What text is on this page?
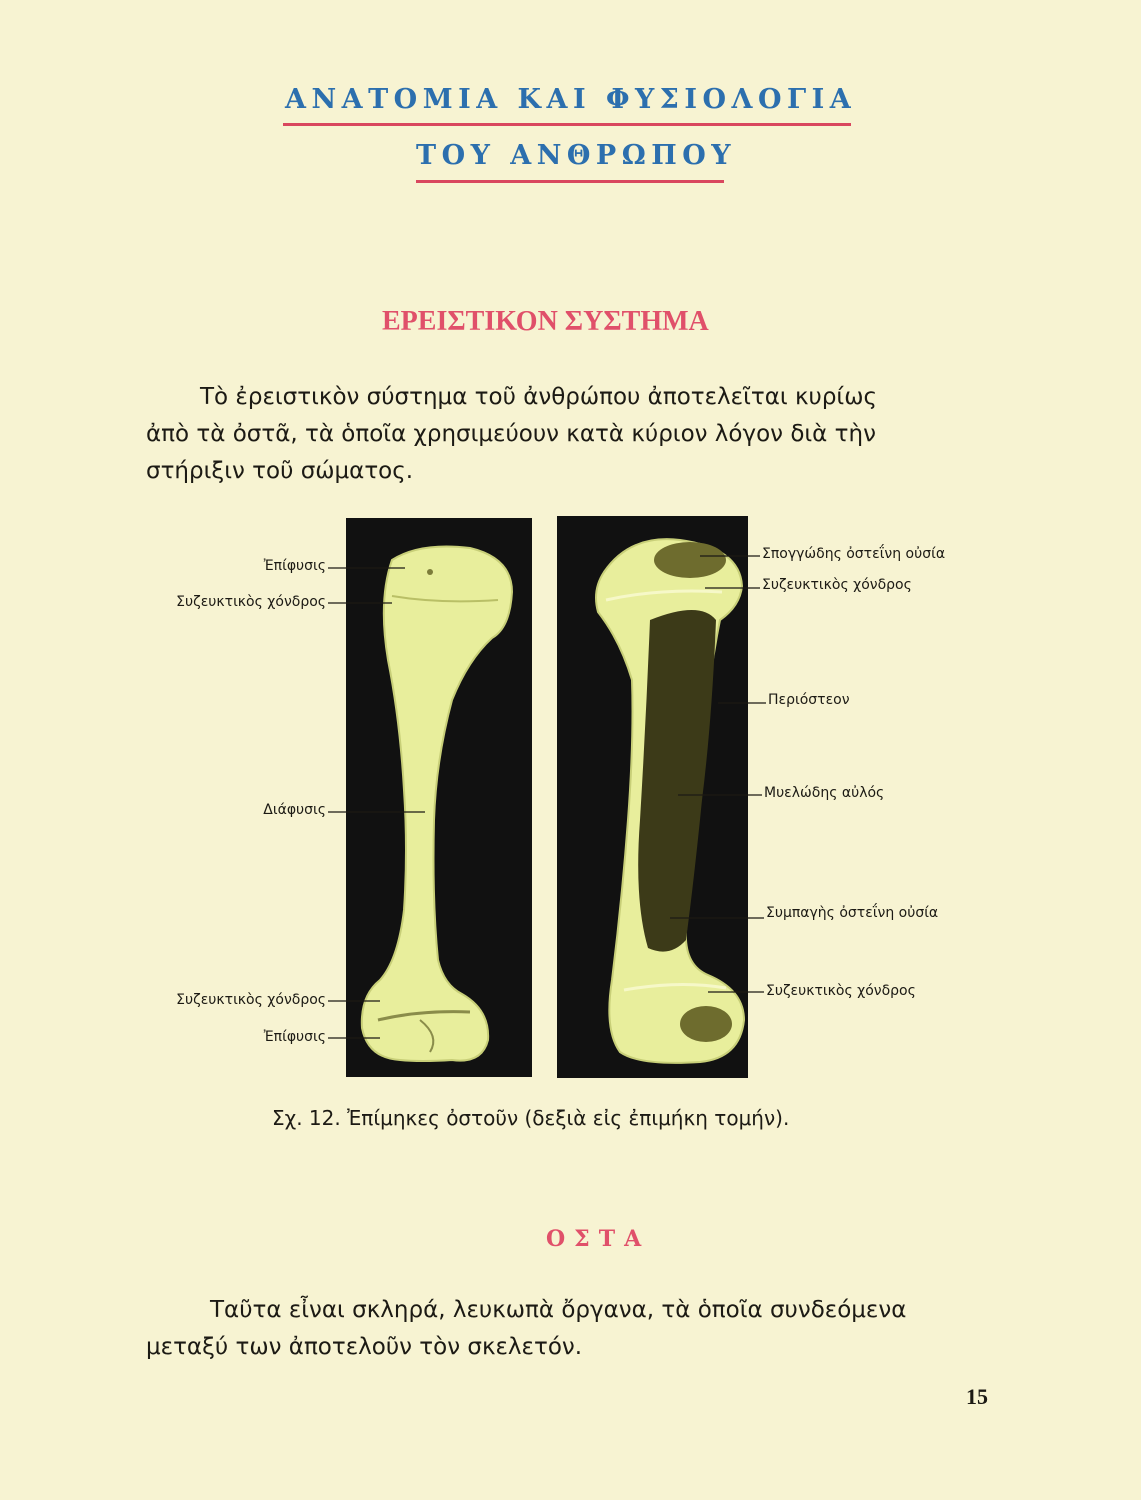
ΑΝΑΤΟΜΙΑ ΚΑΙ ΦΥΣΙΟΛΟΓΙΑ
ΤΟΥ ΑΝΘΡΩΠΟΥ
ΕΡΕΙΣΤΙΚΟΝ ΣΥΣΤΗΜΑ
Τὸ ἐρειστικὸν σύστημα τοῦ ἀνθρώπου ἀποτελεῖται κυρίως
ἀπὸ τὰ ὀστᾶ, τὰ ὁποῖα χρησιμεύουν κατὰ κύριον λόγον διὰ τὴν
στήριξιν τοῦ σώματος.
Ἐπίφυσις
Συζευκτικὸς χόνδρος
Διάφυσις
Συζευκτικὸς χόνδρος
Ἐπίφυσις
Σπογγώδης ὀστεΐνη οὐσία
Συζευκτικὸς χόνδρος
Περιόστεον
Μυελώδης αὐλός
Συμπαγὴς ὀστεΐνη οὐσία
Συζευκτικὸς χόνδρος
Σχ. 12. Ἐπίμηκες ὀστοῦν (δεξιὰ εἰς ἐπιμήκη τομήν).
ΟΣΤΑ
Ταῦτα εἶναι σκληρά, λευκωπὰ ὄργανα, τὰ ὁποῖα συνδεόμενα
μεταξύ των ἀποτελοῦν τὸν σκελετόν.
15
